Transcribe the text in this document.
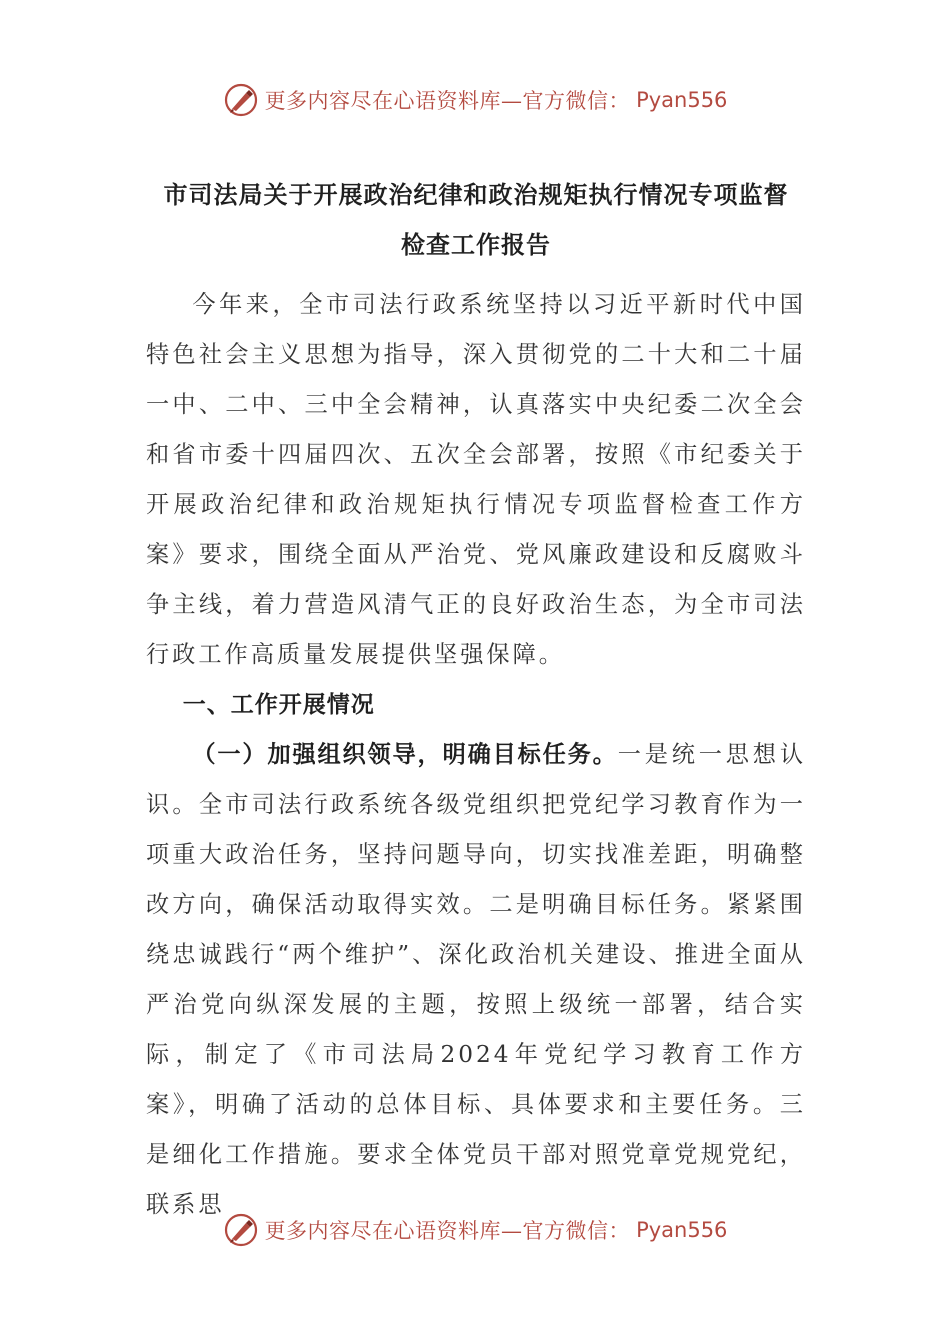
更多内容尽在心语资料库—官方微信： Pyan556
市司法局关于开展政治纪律和政治规矩执行情况专项监督
检查工作报告

今年来，全市司法行政系统坚持以习近平新时代中国特色社会主义思想为指导，深入贯彻党的二十大和二十届一中、二中、三中全会精神，认真落实中央纪委二次全会和省市委十四届四次、五次全会部署，按照《市纪委关于开展政治纪律和政治规矩执行情况专项监督检查工作方案》要求，围绕全面从严治党、党风廉政建设和反腐败斗争主线，着力营造风清气正的良好政治生态，为全市司法行政工作高质量发展提供坚强保障。

一、工作开展情况

（一）加强组织领导，明确目标任务。一是统一思想认识。全市司法行政系统各级党组织把党纪学习教育作为一项重大政治任务，坚持问题导向，切实找准差距，明确整改方向，确保活动取得实效。二是明确目标任务。紧紧围绕忠诚践行“两个维护”、深化政治机关建设、推进全面从严治党向纵深发展的主题，按照上级统一部署，结合实际，制定了《市司法局2024年党纪学习教育工作方案》，明确了活动的总体目标、具体要求和主要任务。三是细化工作措施。要求全体党员干部对照党章党规党纪，联系思

更多内容尽在心语资料库—官方微信： Pyan556
